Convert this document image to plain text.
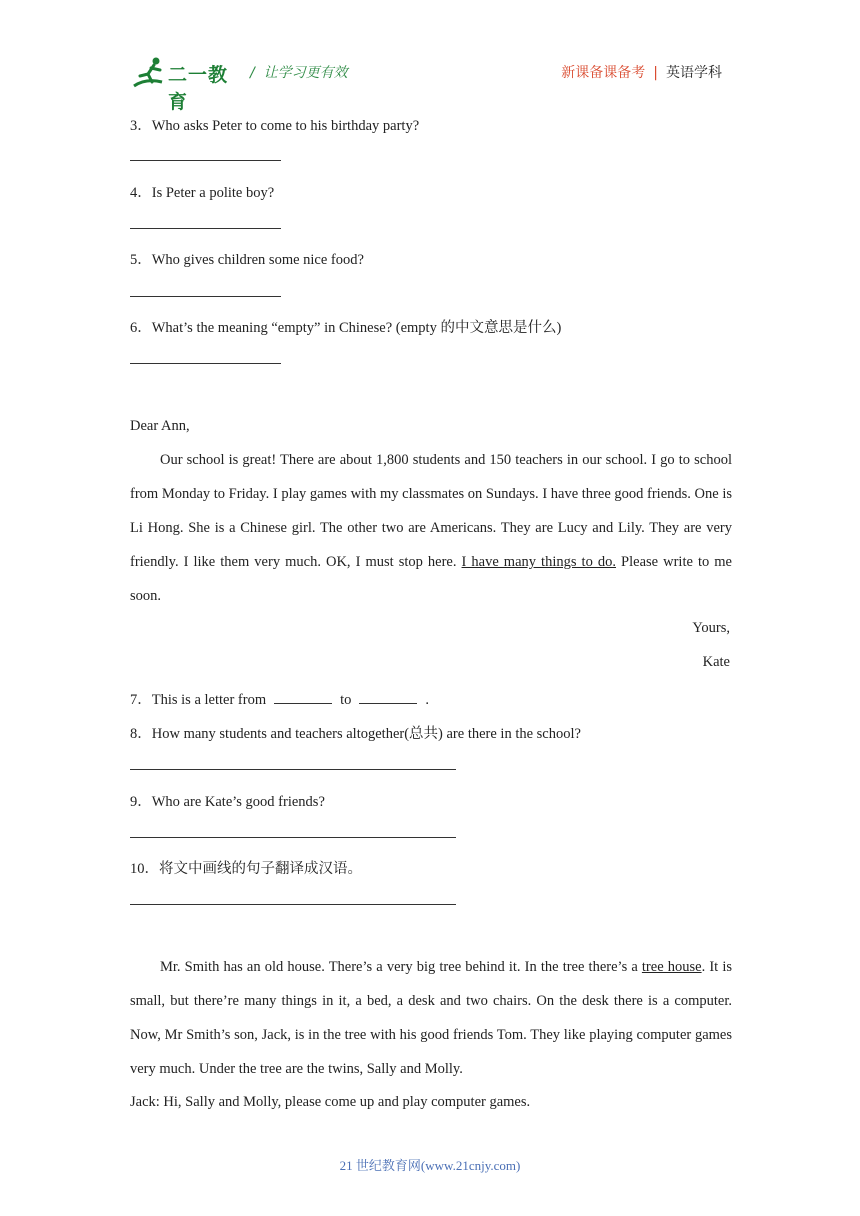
二一教育
/  让学习更有效	新课备课备考 | 英语学科
3．Who asks Peter to come to his birthday party?
4．Is Peter a polite boy?
5．Who gives children some nice food?
6．What’s the meaning “empty” in Chinese? (empty 的中文意思是什么)
Dear Ann,
Our school is great! There are about 1,800 students and 150 teachers in our school. I go to school from Monday to Friday. I play games with my classmates on Sundays. I have three good friends. One is Li Hong. She is a Chinese girl. The other two are Americans. They are Lucy and Lily. They are very friendly. I like them very much. OK, I must stop here. I have many things to do. Please write to me soon.
Yours,
Kate
7．This is a letter from	to	.
8．How many students and teachers altogether(总共) are there in the school?
9．Who are Kate’s good friends?
10．将文中画线的句子翻译成汉语。
Mr. Smith has an old house. There’s a very big tree behind it. In the tree there’s a tree house. It is small, but there’re many things in it, a bed, a desk and two chairs. On the desk there is a computer. Now, Mr Smith’s son, Jack, is in the tree with his good friends Tom. They like playing computer games very much. Under the tree are the twins, Sally and Molly.
Jack: Hi, Sally and Molly, please come up and play computer games.
21 世纪教育网(www.21cnjy.com)
